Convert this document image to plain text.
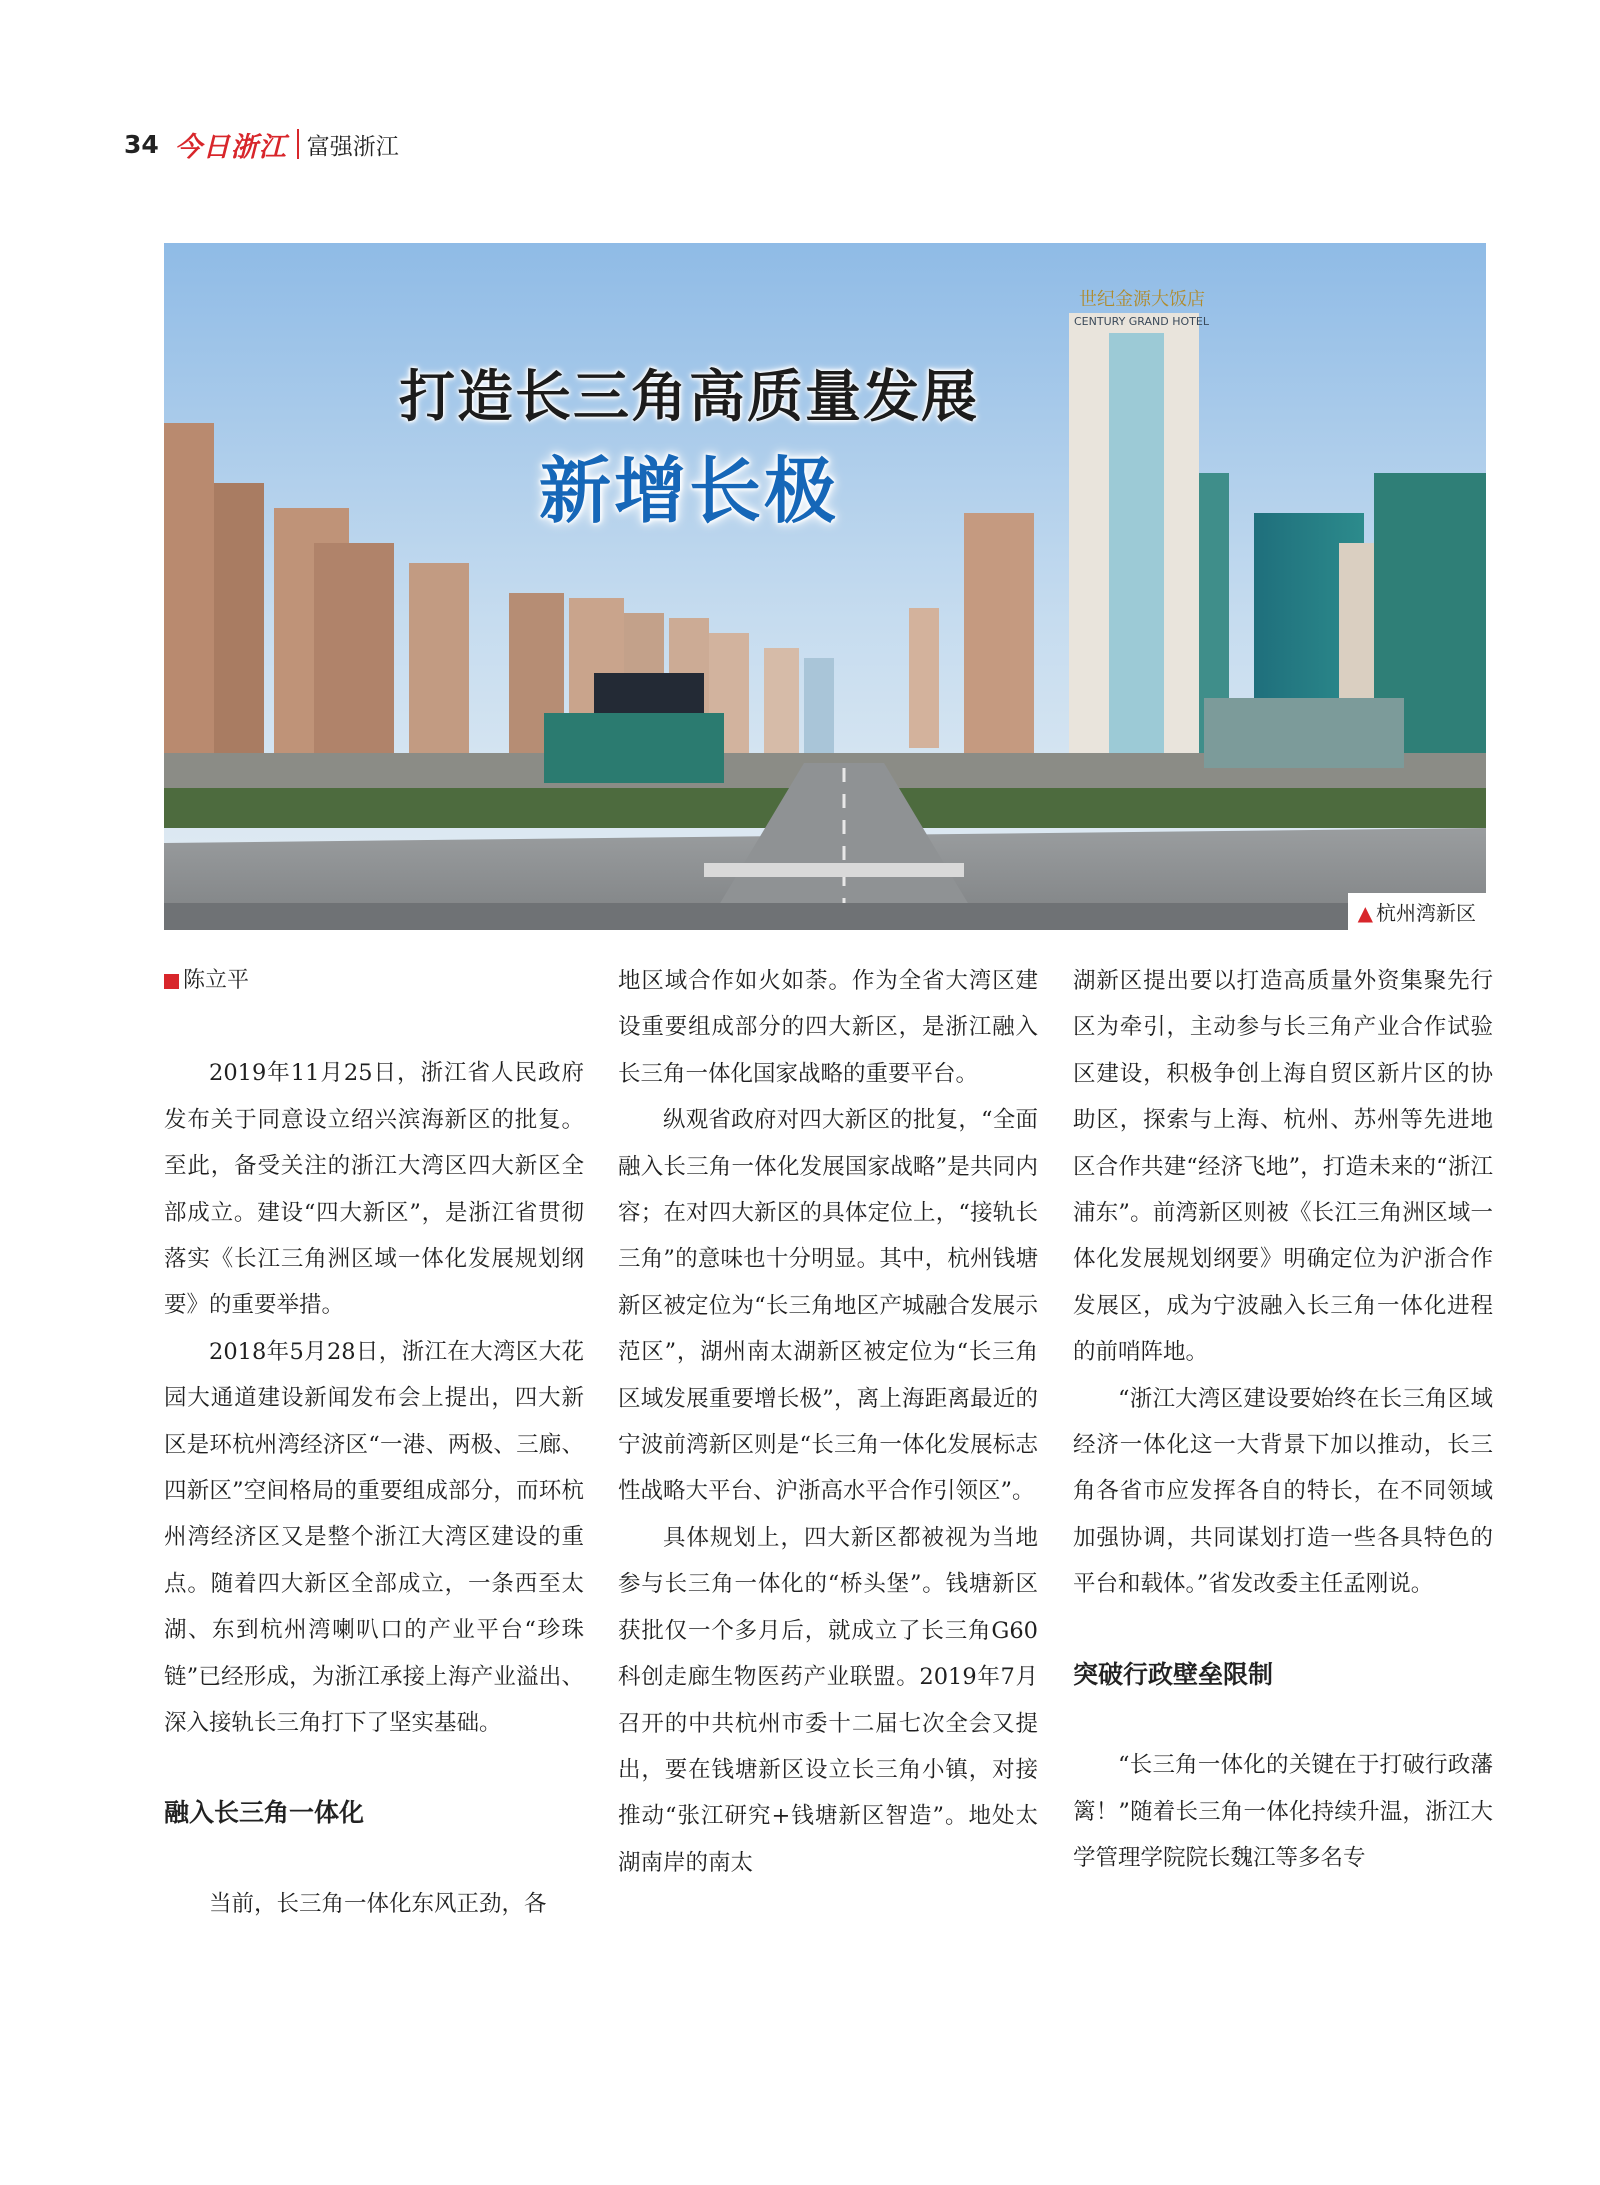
34 今日浙江 富强浙江
世纪金源大饭店
CENTURY GRAND HOTEL
打造长三角高质量发展
新增长极
▲ 杭州湾新区
陈立平

2019年11月25日，浙江省人民政府发布关于同意设立绍兴滨海新区的批复。至此，备受关注的浙江大湾区四大新区全部成立。建设“四大新区”，是浙江省贯彻落实《长江三角洲区域一体化发展规划纲要》的重要举措。

2018年5月28日，浙江在大湾区大花园大通道建设新闻发布会上提出，四大新区是环杭州湾经济区“一港、两极、三廊、四新区”空间格局的重要组成部分，而环杭州湾经济区又是整个浙江大湾区建设的重点。随着四大新区全部成立，一条西至太湖、东到杭州湾喇叭口的产业平台“珍珠链”已经形成，为浙江承接上海产业溢出、深入接轨长三角打下了坚实基础。

融入长三角一体化

当前，长三角一体化东风正劲，各

地区域合作如火如荼。作为全省大湾区建设重要组成部分的四大新区，是浙江融入长三角一体化国家战略的重要平台。

纵观省政府对四大新区的批复，“全面融入长三角一体化发展国家战略”是共同内容；在对四大新区的具体定位上，“接轨长三角”的意味也十分明显。其中，杭州钱塘新区被定位为“长三角地区产城融合发展示范区”，湖州南太湖新区被定位为“长三角区域发展重要增长极”，离上海距离最近的宁波前湾新区则是“长三角一体化发展标志性战略大平台、沪浙高水平合作引领区”。

具体规划上，四大新区都被视为当地参与长三角一体化的“桥头堡”。钱塘新区获批仅一个多月后，就成立了长三角G60科创走廊生物医药产业联盟。2019年7月召开的中共杭州市委十二届七次全会又提出，要在钱塘新区设立长三角小镇，对接推动“张江研究+钱塘新区智造”。地处太湖南岸的南太

湖新区提出要以打造高质量外资集聚先行区为牵引，主动参与长三角产业合作试验区建设，积极争创上海自贸区新片区的协助区，探索与上海、杭州、苏州等先进地区合作共建“经济飞地”，打造未来的“浙江浦东”。前湾新区则被《长江三角洲区域一体化发展规划纲要》明确定位为沪浙合作发展区，成为宁波融入长三角一体化进程的前哨阵地。

“浙江大湾区建设要始终在长三角区域经济一体化这一大背景下加以推动，长三角各省市应发挥各自的特长，在不同领域加强协调，共同谋划打造一些各具特色的平台和载体。”省发改委主任孟刚说。

突破行政壁垒限制

“长三角一体化的关键在于打破行政藩篱！”随着长三角一体化持续升温，浙江大学管理学院院长魏江等多名专
